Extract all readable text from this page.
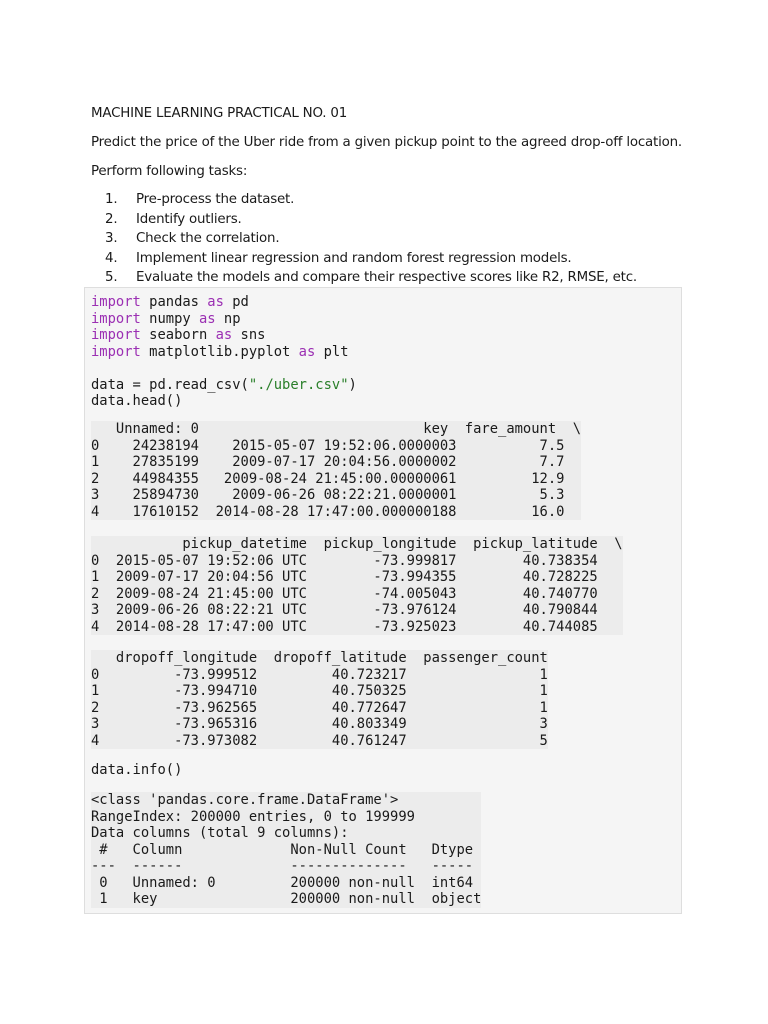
MACHINE LEARNING PRACTICAL NO. 01
Predict the price of the Uber ride from a given pickup point to the agreed drop-off location.
Perform following tasks:
1. Pre-process the dataset.
2. Identify outliers.
3. Check the correlation.
4. Implement linear regression and random forest regression models.
5. Evaluate the models and compare their respective scores like R2, RMSE, etc.
import pandas as pd
import numpy as np
import seaborn as sns
import matplotlib.pyplot as plt

data = pd.read_csv("./uber.csv")
data.head()
Unnamed: 0                           key  fare_amount  \
0    24238194    2015-05-07 19:52:06.0000003          7.5
1    27835199    2009-07-17 20:04:56.0000002          7.7
2    44984355   2009-08-24 21:45:00.00000061         12.9
3    25894730    2009-06-26 08:22:21.0000001          5.3
4    17610152  2014-08-28 17:47:00.000000188         16.0
pickup_datetime  pickup_longitude  pickup_latitude  \
0  2015-05-07 19:52:06 UTC        -73.999817        40.738354
1  2009-07-17 20:04:56 UTC        -73.994355        40.728225
2  2009-08-24 21:45:00 UTC        -74.005043        40.740770
3  2009-06-26 08:22:21 UTC        -73.976124        40.790844
4  2014-08-28 17:47:00 UTC        -73.925023        40.744085
dropoff_longitude  dropoff_latitude  passenger_count
0         -73.999512         40.723217                1
1         -73.994710         40.750325                1
2         -73.962565         40.772647                1
3         -73.965316         40.803349                3
4         -73.973082         40.761247                5
data.info()
<class 'pandas.core.frame.DataFrame'>
RangeIndex: 200000 entries, 0 to 199999
Data columns (total 9 columns):
#   Column             Non-Null Count   Dtype
---  ------             --------------   -----
0   Unnamed: 0         200000 non-null  int64
1   key                200000 non-null  object
